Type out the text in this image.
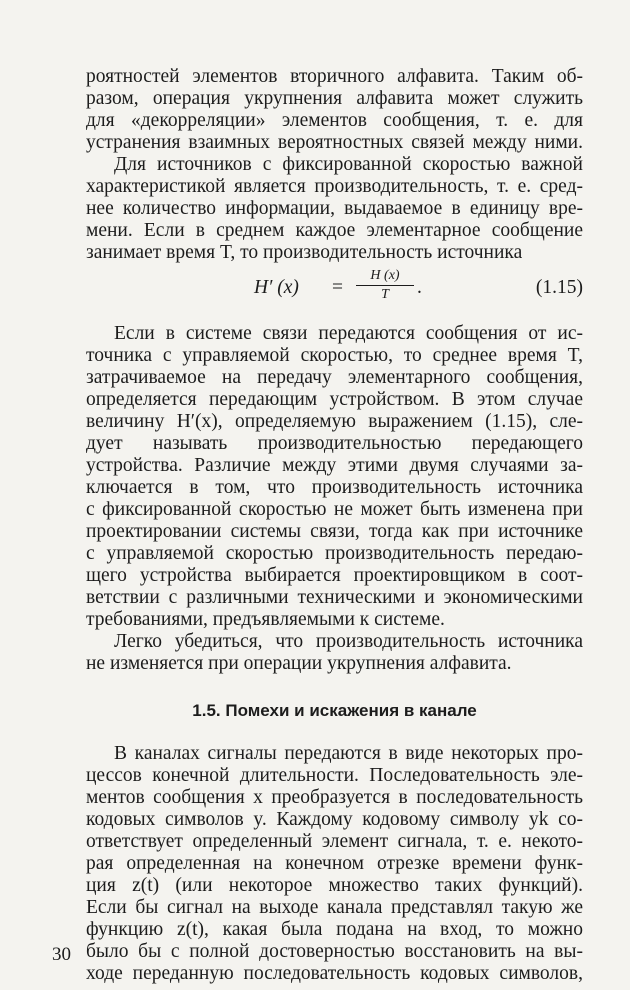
роятностей элементов вторичного алфавита. Таким об-
разом, операция укрупнения алфавита может служить
для «декорреляции» элементов сообщения, т. е. для
устранения взаимных вероятностных связей между ними.
Для источников с фиксированной скоростью важной
характеристикой является производительность, т. е. сред-
нее количество информации, выдаваемое в единицу вре-
мени. Если в среднем каждое элементарное сообщение
занимает время T, то производительность источника
H′ (x) =
H (x)
T	.	(1.15)
Если в системе связи передаются сообщения от ис-
точника с управляемой скоростью, то среднее время T,
затрачиваемое на передачу элементарного сообщения,
определяется передающим устройством. В этом случае
величину H′(x), определяемую выражением (1.15), сле-
дует называть производительностью передающего
устройства. Различие между этими двумя случаями за-
ключается в том, что производительность источника
с фиксированной скоростью не может быть изменена при
проектировании системы связи, тогда как при источнике
с управляемой скоростью производительность передаю-
щего устройства выбирается проектировщиком в соот-
ветствии с различными техническими и экономическими
требованиями, предъявляемыми к системе.
Легко убедиться, что производительность источника
не изменяется при операции укрупнения алфавита.
1.5. Помехи и искажения в канале
В каналах сигналы передаются в виде некоторых про-
цессов конечной длительности. Последовательность эле-
ментов сообщения x преобразуется в последовательность
кодовых символов y. Каждому кодовому символу yk со-
ответствует определенный элемент сигнала, т. е. некото-
рая определенная на конечном отрезке времени функ-
ция z(t) (или некоторое множество таких функций).
Если бы сигнал на выходе канала представлял такую же
функцию z(t), какая была подана на вход, то можно
было бы с полной достоверностью восстановить на вы-
ходе переданную последовательность кодовых символов,
30
